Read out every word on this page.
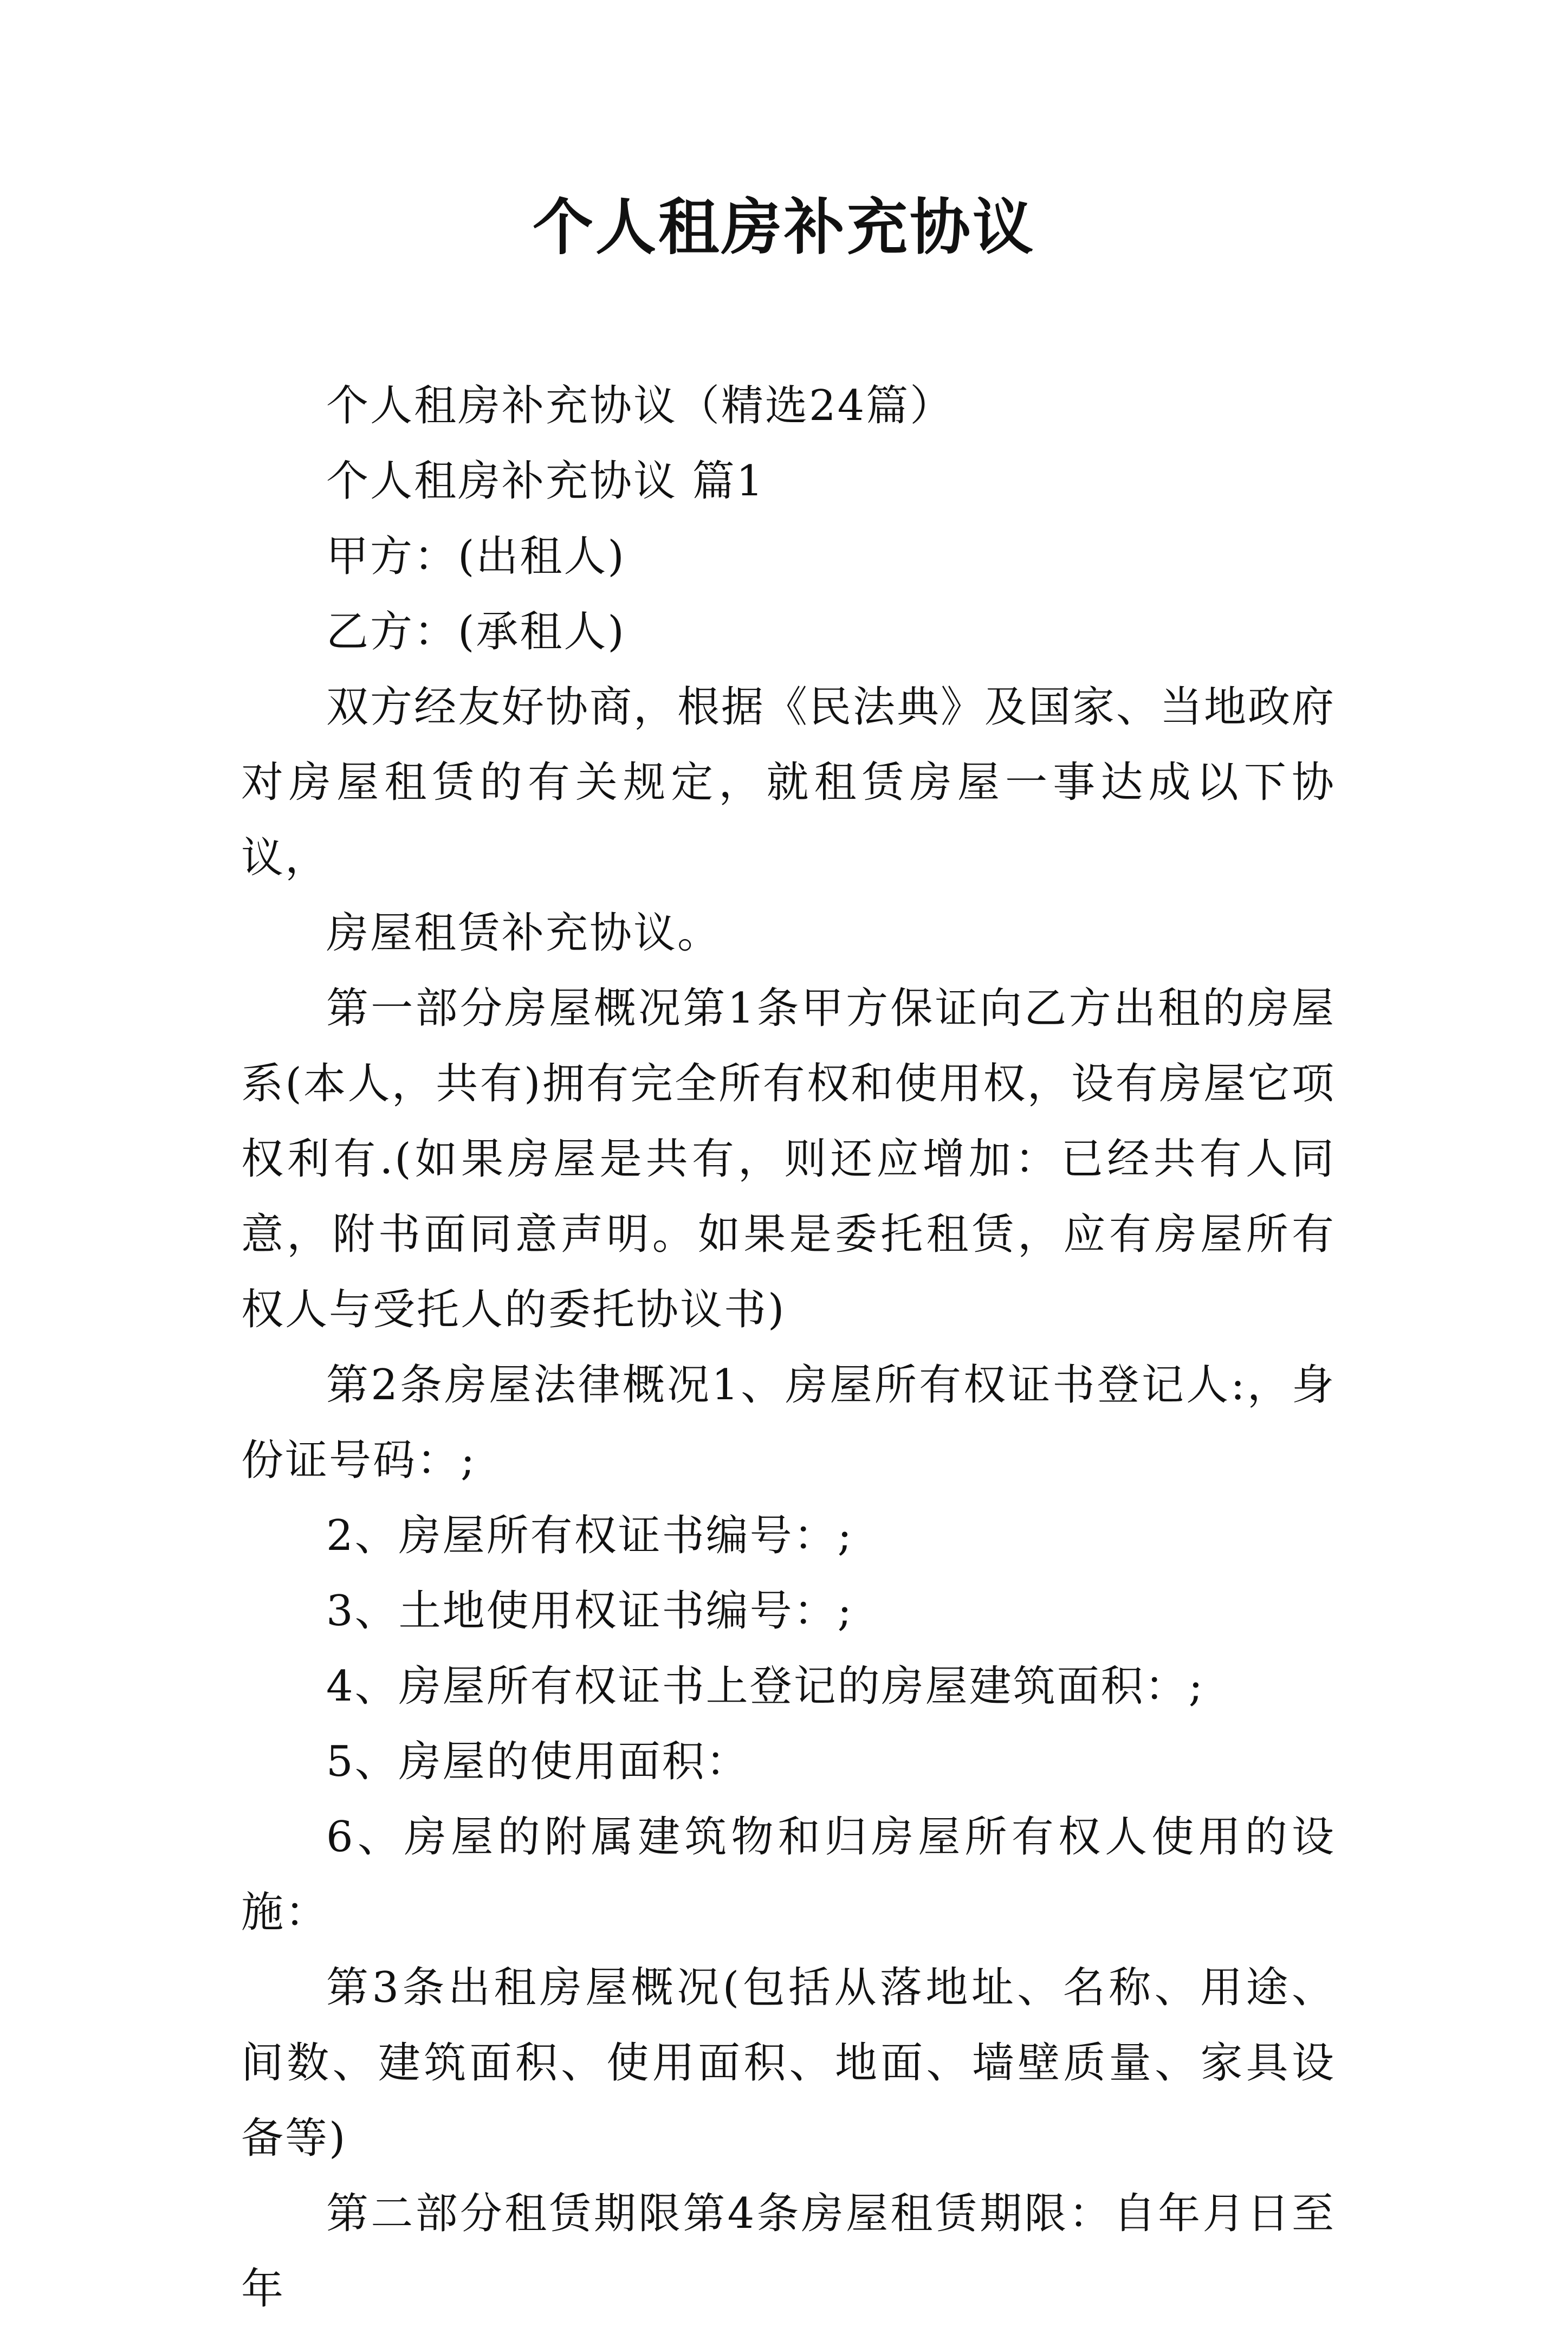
个人租房补充协议

个人租房补充协议（精选24篇）

个人租房补充协议 篇1

甲方：(出租人)

乙方：(承租人)

双方经友好协商，根据《民法典》及国家、当地政府对房屋租赁的有关规定，就租赁房屋一事达成以下协议，

房屋租赁补充协议。

第一部分房屋概况第1条甲方保证向乙方出租的房屋系(本人，共有)拥有完全所有权和使用权，设有房屋它项权利有.(如果房屋是共有，则还应增加：已经共有人同意，附书面同意声明。如果是委托租赁，应有房屋所有权人与受托人的委托协议书)

第2条房屋法律概况1、房屋所有权证书登记人:，身份证号码：;

2、房屋所有权证书编号：;

3、土地使用权证书编号：;

4、房屋所有权证书上登记的房屋建筑面积：;

5、房屋的使用面积：

6、房屋的附属建筑物和归房屋所有权人使用的设施：

第3条出租房屋概况(包括从落地址、名称、用途、间数、建筑面积、使用面积、地面、墙壁质量、家具设备等)

第二部分租赁期限第4条房屋租赁期限：自年月日至年
